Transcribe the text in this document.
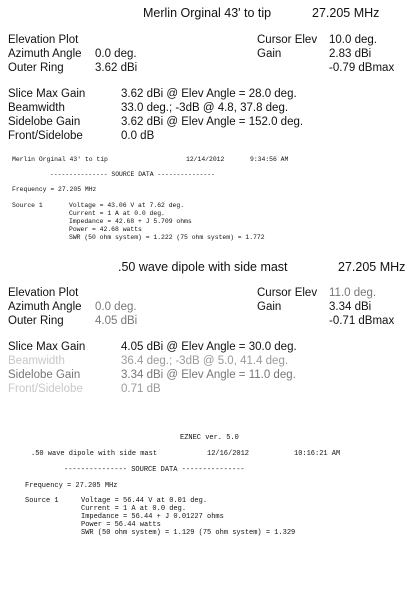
Merlin Orginal 43' to tip	27.205 MHz
Elevation Plot
Azimuth Angle 0.0 deg.
Outer Ring	3.62 dBi
Cursor Elev 10.0 deg.
Gain	2.83 dBi
-0.79 dBmax
Slice Max Gain	3.62 dBi @ Elev Angle = 28.0 deg.
Beamwidth	33.0 deg.; -3dB @ 4.8, 37.8 deg.
Sidelobe Gain	3.62 dBi @ Elev Angle = 152.0 deg.
Front/Sidelobe	0.0 dB
Merlin Orginal 43' to tip	12/14/2012	9:34:56 AM
--------------- SOURCE DATA ---------------
Frequency = 27.205 MHz
Source 1	Voltage = 43.06 V at 7.62 deg.
Current = 1 A at 0.0 deg.
Impedance = 42.68 + J 5.709 ohms
Power = 42.68 watts
SWR (50 ohm system) = 1.222 (75 ohm system) = 1.772
.50 wave dipole with side mast	27.205 MHz
Elevation Plot
Azimuth Angle 0.0 deg.
Outer Ring	4.05 dBi
Cursor Elev 11.0 deg.
Gain	3.34 dBi
-0.71 dBmax
Slice Max Gain	4.05 dBi @ Elev Angle = 30.0 deg.
Beamwidth	36.4 deg.; -3dB @ 5.0, 41.4 deg.
Sidelobe Gain	3.34 dBi @ Elev Angle = 11.0 deg.
Front/Sidelobe	0.71 dB
EZNEC ver. 5.0
.50 wave dipole with side mast	12/16/2012	10:16:21 AM
--------------- SOURCE DATA ---------------
Frequency = 27.205 MHz
Source 1	Voltage = 56.44 V at 0.01 deg.
Current = 1 A at 0.0 deg.
Impedance = 56.44 + J 0.01227 ohms
Power = 56.44 watts
SWR (50 ohm system) = 1.129 (75 ohm system) = 1.329
